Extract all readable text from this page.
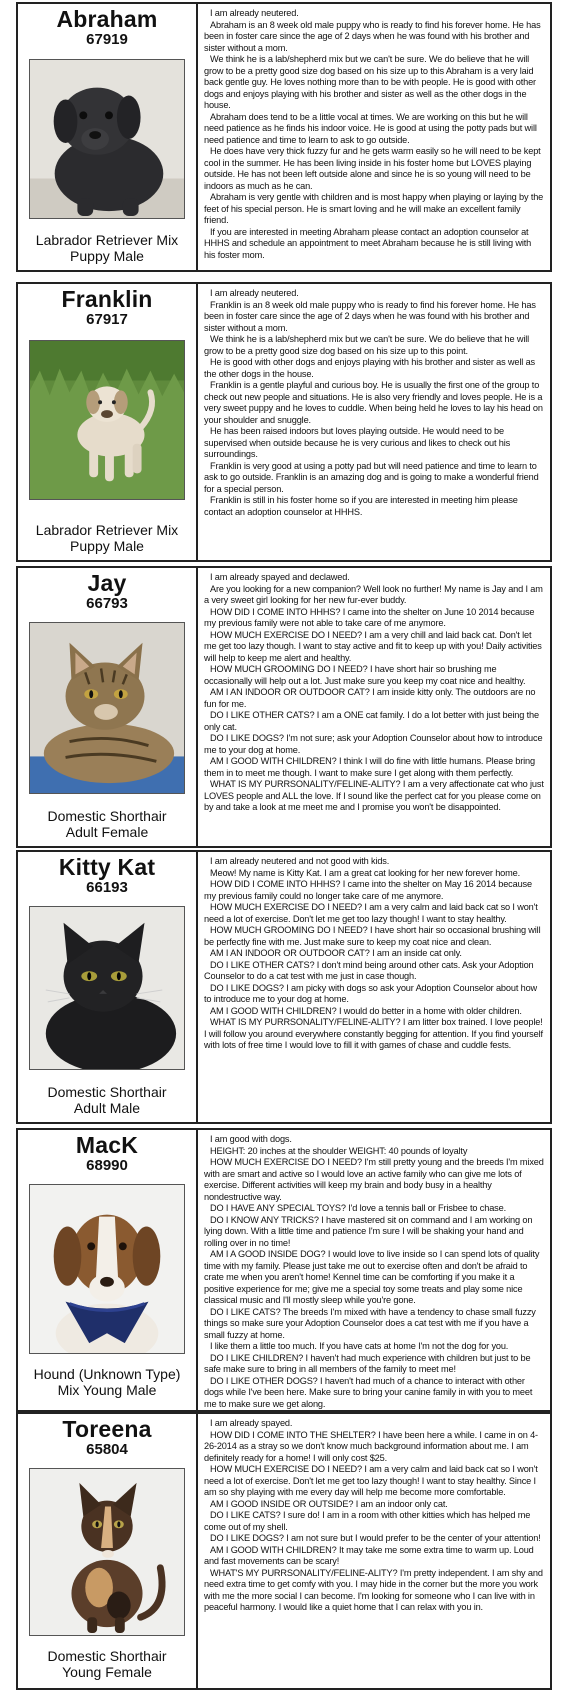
Abraham
67919
Labrador Retriever Mix
Puppy Male

I am already neutered.

Abraham is an 8 week old male puppy who is ready to find his forever home. He has been in foster care since the age of 2 days when he was found with his brother and sister without a mom.

We think he is a lab/shepherd mix but we can't be sure. We do believe that he will grow to be a pretty good size dog based on his size up to this Abraham is a very laid back gentle guy. He loves nothing more than to be with people. He is good with other dogs and enjoys playing with his brother and sister as well as the other dogs in the house.

Abraham does tend to be a little vocal at times. We are working on this but he will need patience as he finds his indoor voice. He is good at using the potty pads but will need patience and time to learn to ask to go outside.

He does have very thick fuzzy fur and he gets warm easily so he will need to be kept cool in the summer. He has been living inside in his foster home but LOVES playing outside. He has not been left outside alone and since he is so young will need to be indoors as much as he can.

Abraham is very gentle with children and is most happy when playing or laying by the feet of his special person. He is smart loving and he will make an excellent family friend.

If you are interested in meeting Abraham please contact an adoption counselor at HHHS and schedule an appointment to meet Abraham because he is still living with his foster mom.

Franklin
67917
Labrador Retriever Mix
Puppy Male

I am already neutered.

Franklin is an 8 week old male puppy who is ready to find his forever home. He has been in foster care since the age of 2 days when he was found with his brother and sister without a mom.

We think he is a lab/shepherd mix but we can't be sure. We do believe that he will grow to be a pretty good size dog based on his size up to this point.

He is good with other dogs and enjoys playing with his brother and sister as well as the other dogs in the house.

Franklin is a gentle playful and curious boy. He is usually the first one of the group to check out new people and situations. He is also very friendly and loves people. He is a very sweet puppy and he loves to cuddle. When being held he loves to lay his head on your shoulder and snuggle.

He has been raised indoors but loves playing outside. He would need to be supervised when outside because he is very curious and likes to check out his surroundings.

Franklin is very good at using a potty pad but will need patience and time to learn to ask to go outside. Franklin is an amazing dog and is going to make a wonderful friend for a special person.

Franklin is still in his foster home so if you are interested in meeting him please contact an adoption counselor at HHHS.

Jay
66793
Domestic Shorthair
Adult Female

I am already spayed and declawed.

Are you looking for a new companion? Well look no further! My name is Jay and I am a very sweet girl looking for her new fur-ever buddy.

HOW DID I COME INTO HHHS? I came into the shelter on June 10 2014 because my previous family were not able to take care of me anymore.

HOW MUCH EXERCISE DO I NEED? I am a very chill and laid back cat. Don't let me get too lazy though. I want to stay active and fit to keep up with you! Daily activities will help to keep me alert and healthy.

HOW MUCH GROOMING DO I NEED? I have short hair so brushing me occasionally will help out a lot. Just make sure you keep my coat nice and healthy.

AM I AN INDOOR OR OUTDOOR CAT? I am inside kitty only. The outdoors are no fun for me.

DO I LIKE OTHER CATS? I am a ONE cat family. I do a lot better with just being the only cat.

DO I LIKE DOGS? I'm not sure; ask your Adoption Counselor about how to introduce me to your dog at home.

AM I GOOD WITH CHILDREN? I think I will do fine with little humans. Please bring them in to meet me though. I want to make sure I get along with them perfectly.

WHAT IS MY PURRSONALITY/FELINE-ALITY? I am a very affectionate cat who just LOVES people and ALL the love. If I sound like the perfect cat for you please come on by and take a look at me meet me and I promise you won't be disappointed.

Kitty Kat
66193
Domestic Shorthair
Adult Male

I am already neutered and not good with kids.

Meow! My name is Kitty Kat. I am a great cat looking for her new forever home.

HOW DID I COME INTO HHHS? I came into the shelter on May 16 2014 because my previous family could no longer take care of me anymore.

HOW MUCH EXERCISE DO I NEED? I am a very calm and laid back cat so I won't need a lot of exercise. Don't let me get too lazy though! I want to stay healthy.

HOW MUCH GROOMING DO I NEED? I have short hair so occasional brushing will be perfectly fine with me. Just make sure to keep my coat nice and clean.

AM I AN INDOOR OR OUTDOOR CAT? I am an inside cat only.

DO I LIKE OTHER CATS? I don't mind being around other cats. Ask your Adoption Counselor to do a cat test with me just in case though.

DO I LIKE DOGS? I am picky with dogs so ask your Adoption Counselor about how to introduce me to your dog at home.

AM I GOOD WITH CHILDREN? I would do better in a home with older children.

WHAT IS MY PURRSONALITY/FELINE-ALITY? I am litter box trained. I love people! I will follow you around everywhere constantly begging for attention. If you find yourself with lots of free time I would love to fill it with games of chase and cuddle fests.

MacK
68990
Hound (Unknown Type)
Mix Young Male

I am good with dogs.

HEIGHT: 20 inches at the shoulder WEIGHT: 40 pounds of loyalty

HOW MUCH EXERCISE DO I NEED? I'm still pretty young and the breeds I'm mixed with are smart and active so I would love an active family who can give me lots of exercise. Different activities will keep my brain and body busy in a healthy nondestructive way.

DO I HAVE ANY SPECIAL TOYS? I'd love a tennis ball or Frisbee to chase.

DO I KNOW ANY TRICKS? I have mastered sit on command and I am working on lying down. With a little time and patience I'm sure I will be shaking your hand and rolling over in no time!

AM I A GOOD INSIDE DOG? I would love to live inside so I can spend lots of quality time with my family. Please just take me out to exercise often and don't be afraid to crate me when you aren't home! Kennel time can be comforting if you make it a positive experience for me; give me a special toy some treats and play some nice classical music and I'll mostly sleep while you're gone.

DO I LIKE CATS? The breeds I'm mixed with have a tendency to chase small fuzzy things so make sure your Adoption Counselor does a cat test with me if you have a small fuzzy at home.

I like them a little too much. If you have cats at home I'm not the dog for you.

DO I LIKE CHILDREN? I haven't had much experience with children but just to be safe make sure to bring in all members of the family to meet me!

DO I LIKE OTHER DOGS? I haven't had much of a chance to interact with other dogs while I've been here. Make sure to bring your canine family in with you to meet me to make sure we get along.

Toreena
65804
Domestic Shorthair
Young Female

I am already spayed.

HOW DID I COME INTO THE SHELTER? I have been here a while. I came in on 4-26-2014 as a stray so we don't know much background information about me. I am definitely ready for a home! I will only cost $25.

HOW MUCH EXERCISE DO I NEED? I am a very calm and laid back cat so I won't need a lot of exercise. Don't let me get too lazy though! I want to stay healthy. Since I am so shy playing with me every day will help me become more comfortable.

AM I GOOD INSIDE OR OUTSIDE? I am an indoor only cat.

DO I LIKE CATS? I sure do! I am in a room with other kitties which has helped me come out of my shell.

DO I LIKE DOGS? I am not sure but I would prefer to be the center of your attention!

AM I GOOD WITH CHILDREN? It may take me some extra time to warm up. Loud and fast movements can be scary!

WHAT'S MY PURRSONALITY/FELINE-ALITY? I'm pretty independent. I am shy and need extra time to get comfy with you. I may hide in the corner but the more you work with me the more social I can become. I'm looking for someone who I can live with in peaceful harmony. I would like a quiet home that I can relax with you in.
